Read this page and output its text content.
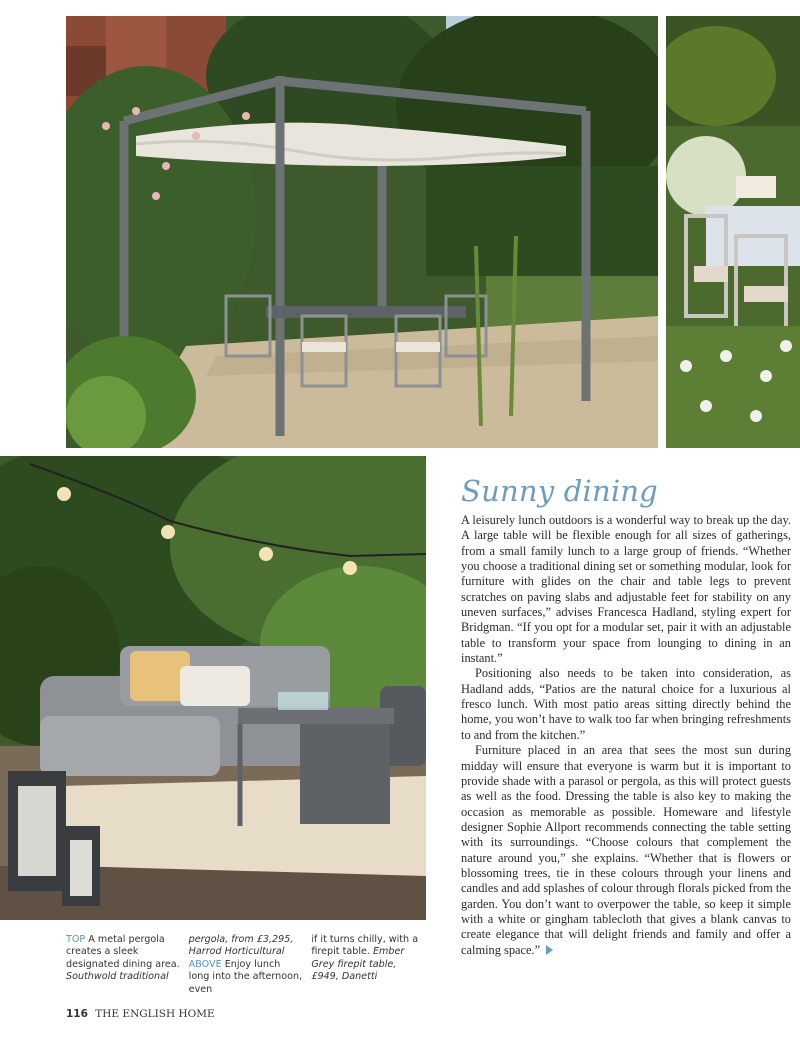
Sunny dining

A leisurely lunch outdoors is a wonderful way to break up the day. A large table will be flexible enough for all sizes of gatherings, from a small family lunch to a large group of friends. “Whether you choose a traditional dining set or something modular, look for furniture with glides on the chair and table legs to prevent scratches on paving slabs and adjustable feet for stability on any uneven surfaces,” advises Francesca Hadland, styling expert for Bridgman. “If you opt for a modular set, pair it with an adjustable table to transform your space from lounging to dining in an instant.”

Positioning also needs to be taken into consideration, as Hadland adds, “Patios are the natural choice for a luxurious al fresco lunch. With most patio areas sitting directly behind the home, you won’t have to walk too far when bringing refreshments to and from the kitchen.”

Furniture placed in an area that sees the most sun during midday will ensure that everyone is warm but it is important to provide shade with a parasol or pergola, as this will protect guests as well as the food. Dressing the table is also key to making the occasion as memorable as possible. Homeware and lifestyle designer Sophie Allport recommends connecting the table setting with its surroundings. “Choose colours that complement the nature around you,” she explains. “Whether that is flowers or blossoming trees, tie in these colours through your linens and candles and add splashes of colour through florals picked from the garden. You don’t want to overpower the table, so keep it simple with a white or gingham tablecloth that gives a blank canvas to create elegance that will delight friends and family and offer a calming space.”

TOP A metal pergola creates a sleek designated dining area. Southwold traditional
pergola, from £3,295, Harrod Horticultural ABOVE Enjoy lunch long into the afternoon, even
if it turns chilly, with a firepit table. Ember Grey firepit table, £949, Danetti
116 THE ENGLISH HOME
